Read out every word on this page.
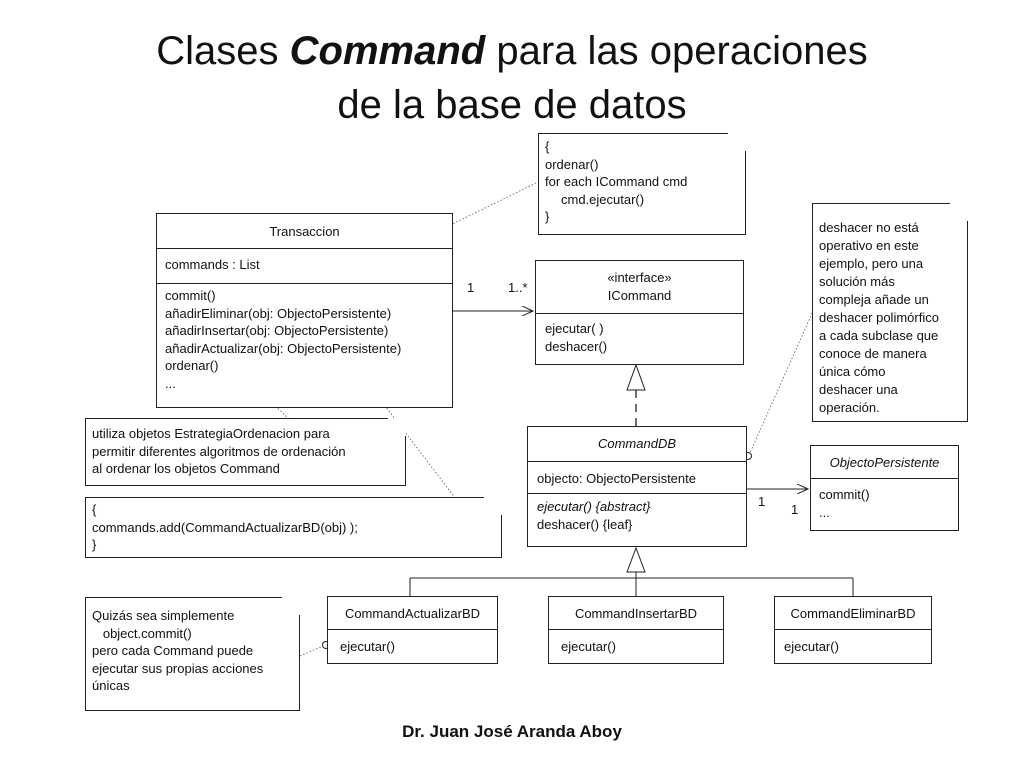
Clases Command para las operaciones
de la base de datos
1	1..*
1
1
Transaccion
commands : List
commit()
añadirEliminar(obj: ObjectoPersistente)
añadirInsertar(obj: ObjectoPersistente)
añadirActualizar(obj: ObjectoPersistente)
ordenar()
...
«interface»
ICommand
ejecutar( )
deshacer()
CommandDB
objecto: ObjectoPersistente
ejecutar() {abstract}
deshacer() {leaf}
ObjectoPersistente
commit()
...
CommandActualizarBD
ejecutar()
CommandInsertarBD
ejecutar()
CommandEliminarBD
ejecutar()
{
ordenar()
for each ICommand cmd
cmd.ejecutar()
}
deshacer no está
operativo en este
ejemplo, pero una
solución más
compleja añade un
deshacer polimórfico
a cada subclase que
conoce de manera
única cómo
deshacer una
operación.
utiliza objetos EstrategiaOrdenacion para
permitir diferentes algoritmos de ordenación
al ordenar los objetos Command
{
commands.add(CommandActualizarBD(obj) );
}
Quizás sea simplemente
object.commit()
pero cada Command puede
ejecutar sus propias acciones
únicas
Dr. Juan José Aranda Aboy
